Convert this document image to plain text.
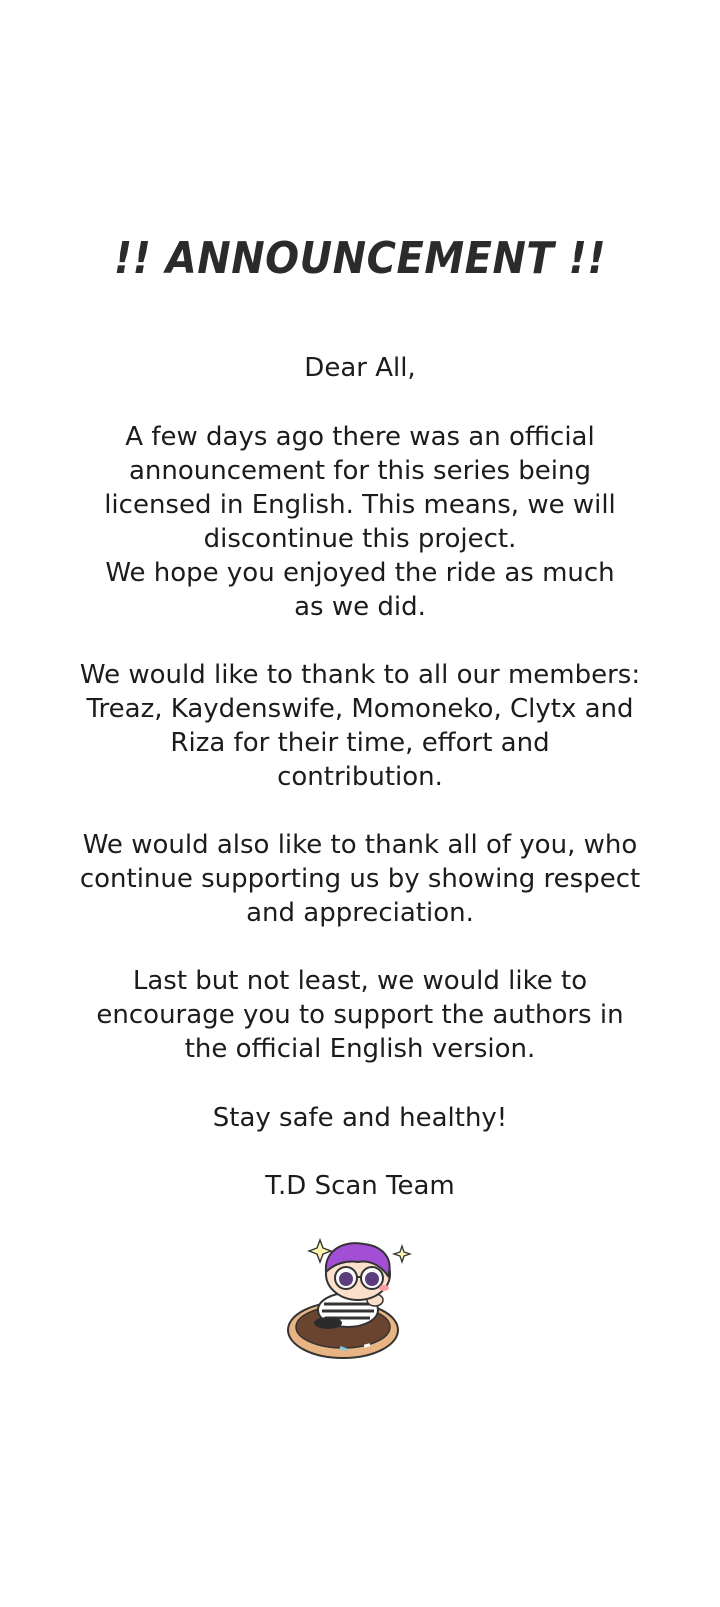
!! ANNOUNCEMENT !!

Dear All,

A few days ago there was an official
announcement for this series being
licensed in English. This means, we will
discontinue this project.
We hope you enjoyed the ride as much
as we did.

We would like to thank to all our members:
Treaz, Kaydenswife, Momoneko, Clytx and
Riza for their time, effort and
contribution.

We would also like to thank all of you, who
continue supporting us by showing respect
and appreciation.

Last but not least, we would like to
encourage you to support the authors in
the official English version.

Stay safe and healthy!

T.D Scan Team
